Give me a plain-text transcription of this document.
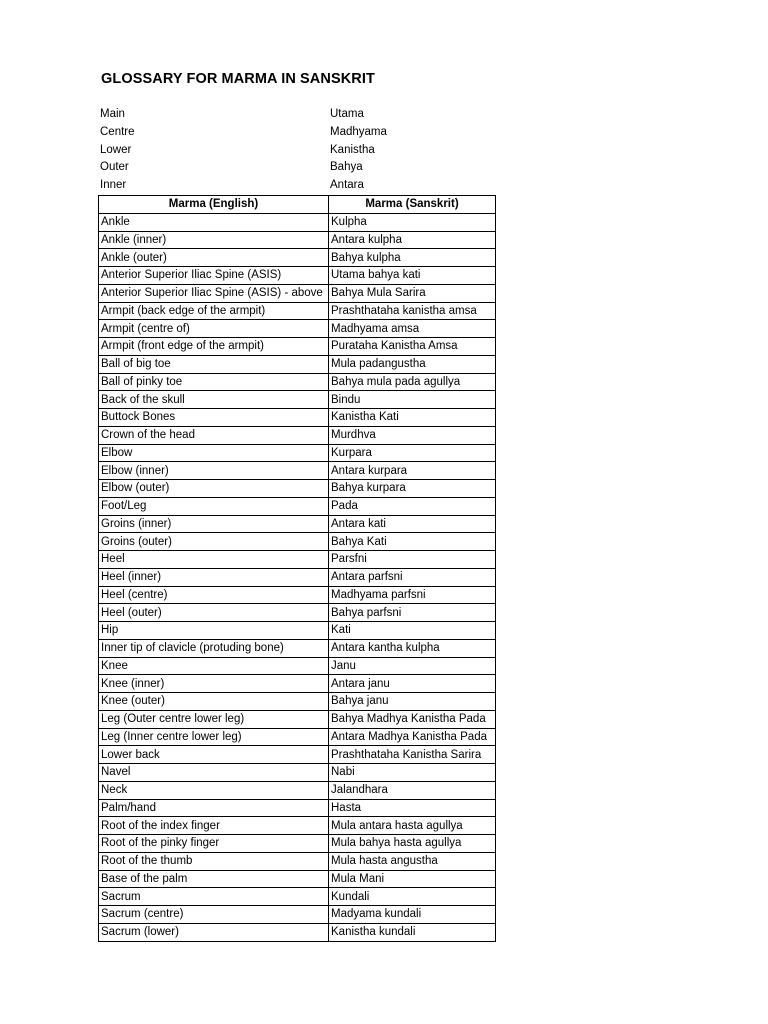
GLOSSARY FOR MARMA IN SANSKRIT
Main	Utama
Centre	Madhyama
Lower	Kanistha
Outer	Bahya
Inner	Antara
Marma (English)	Marma (Sanskrit)
Ankle	Kulpha
Ankle (inner)	Antara kulpha
Ankle (outer)	Bahya kulpha
Anterior Superior Iliac Spine (ASIS)	Utama bahya kati
Anterior Superior Iliac Spine (ASIS) - above	Bahya Mula Sarira
Armpit (back edge of the armpit)	Prashthataha kanistha amsa
Armpit (centre of)	Madhyama amsa
Armpit (front edge of the armpit)	Purataha Kanistha Amsa
Ball of big toe	Mula padangustha
Ball of pinky toe	Bahya mula pada agullya
Back of the skull	Bindu
Buttock Bones	Kanistha Kati
Crown of the head	Murdhva
Elbow	Kurpara
Elbow (inner)	Antara kurpara
Elbow (outer)	Bahya kurpara
Foot/Leg	Pada
Groins (inner)	Antara kati
Groins (outer)	Bahya Kati
Heel	Parsfni
Heel (inner)	Antara parfsni
Heel (centre)	Madhyama parfsni
Heel (outer)	Bahya parfsni
Hip	Kati
Inner tip of clavicle (protuding bone)	Antara kantha kulpha
Knee	Janu
Knee (inner)	Antara janu
Knee (outer)	Bahya janu
Leg (Outer centre lower leg)	Bahya Madhya Kanistha Pada
Leg (Inner centre lower leg)	Antara Madhya Kanistha Pada
Lower back	Prashthataha Kanistha Sarira
Navel	Nabi
Neck	Jalandhara
Palm/hand	Hasta
Root of the index finger	Mula antara hasta agullya
Root of the pinky finger	Mula bahya hasta agullya
Root of the thumb	Mula hasta angustha
Base of the palm	Mula Mani
Sacrum	Kundali
Sacrum (centre)	Madyama kundali
Sacrum (lower)	Kanistha kundali
